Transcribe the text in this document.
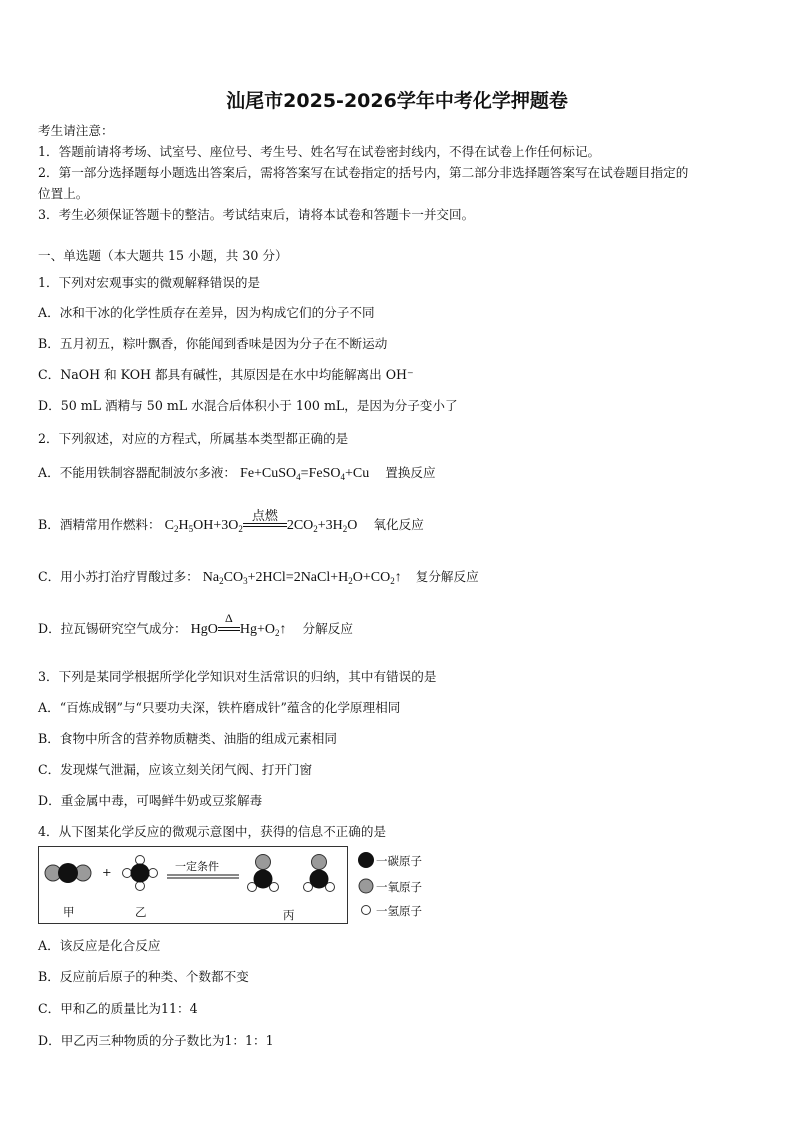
汕尾市2025-2026学年中考化学押题卷
考生请注意：
1．答题前请将考场、试室号、座位号、考生号、姓名写在试卷密封线内，不得在试卷上作任何标记。
2．第一部分选择题每小题选出答案后，需将答案写在试卷指定的括号内，第二部分非选择题答案写在试卷题目指定的
位置上。
3．考生必须保证答题卡的整洁。考试结束后，请将本试卷和答题卡一并交回。
一、单选题（本大题共 15 小题，共 30 分）
1．下列对宏观事实的微观解释错误的是
A．冰和干冰的化学性质存在差异，因为构成它们的分子不同
B．五月初五，粽叶飘香，你能闻到香味是因为分子在不断运动
C．NaOH 和 KOH 都具有碱性，其原因是在水中均能解离出 OH⁻
D．50 mL 酒精与 50 mL 水混合后体积小于 100 mL，是因为分子变小了
2．下列叙述，对应的方程式，所属基本类型都正确的是
A．不能用铁制容器配制波尔多液： Fe+CuSO$_4$=FeSO$_4$+Cu 置换反应
B．酒精常用作燃料： $C_2H_5OH+3O_2$
点燃
$2CO_2+3H_2O$ 氧化反应
C．用小苏打治疗胃酸过多： $Na_2CO_3+2HCl=2NaCl+H_2O+CO_2↑$ 复分解反应
D．拉瓦锡研究空气成分： HgO
Δ
$Hg+O_2↑$ 分解反应
3．下列是某同学根据所学化学知识对生活常识的归纳，其中有错误的是
A．“百炼成钢”与“只要功夫深，铁杵磨成针”蕴含的化学原理相同
B．食物中所含的营养物质糖类、油脂的组成元素相同
C．发现煤气泄漏，应该立刻关闭气阀、打开门窗
D．重金属中毒，可喝鲜牛奶或豆浆解毒
4．从下图某化学反应的微观示意图中，获得的信息不正确的是
甲	乙	丙
+	一定条件	一碳原子
一氧原子
一氢原子
A．该反应是化合反应
B．反应前后原子的种类、个数都不变
C．甲和乙的质量比为11：4
D．甲乙丙三种物质的分子数比为1：1：1
